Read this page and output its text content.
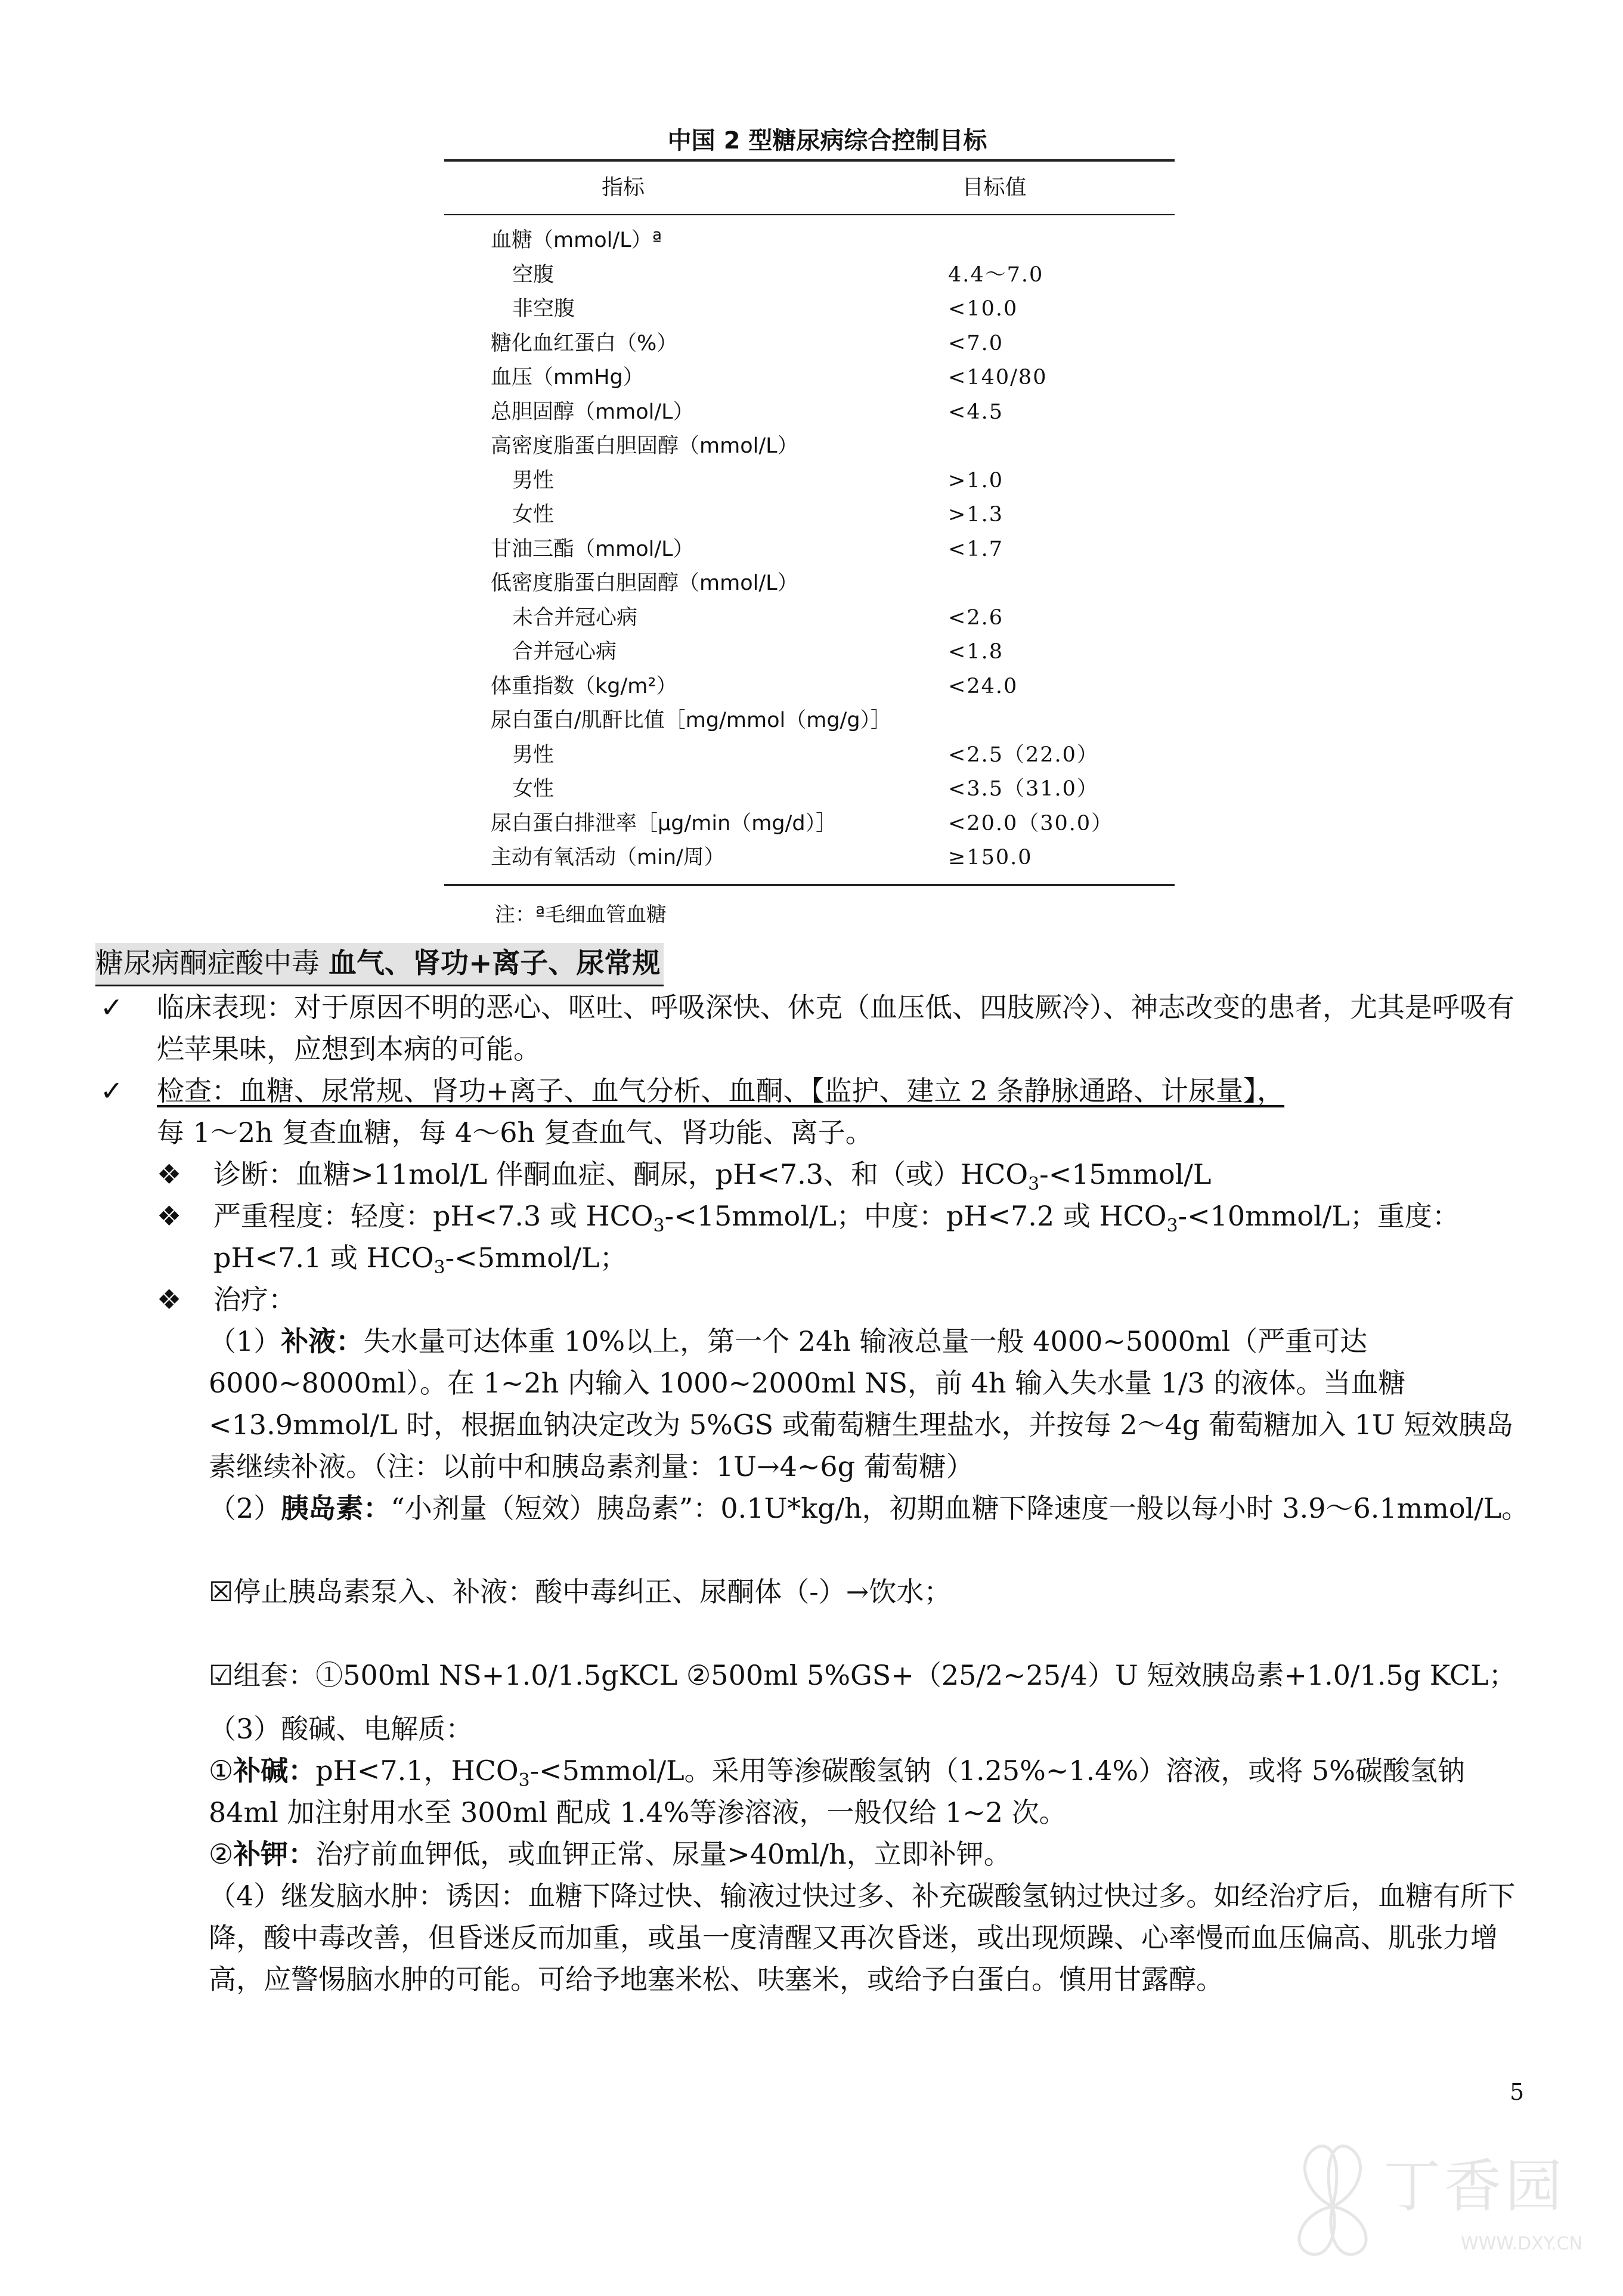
中国 2 型糖尿病综合控制目标
指标	目标值
血糖（mmol/L）ª
空腹	4.4～7.0
非空腹	<10.0
糖化血红蛋白（%）	<7.0
血压（mmHg）	<140/80
总胆固醇（mmol/L）	<4.5
高密度脂蛋白胆固醇（mmol/L）
男性	>1.0
女性	>1.3
甘油三酯（mmol/L）	<1.7
低密度脂蛋白胆固醇（mmol/L）
未合并冠心病	<2.6
合并冠心病	<1.8
体重指数（kg/m²）	<24.0
尿白蛋白/肌酐比值［mg/mmol（mg/g）］
男性	<2.5（22.0）
女性	<3.5（31.0）
尿白蛋白排泄率［μg/min（mg/d）］	<20.0（30.0）
主动有氧活动（min/周）	≥150.0
注：ª毛细血管血糖
糖尿病酮症酸中毒 血气、肾功+离子、尿常规
✓	临床表现：对于原因不明的恶心、呕吐、呼吸深快、休克（血压低、四肢厥冷）、神志改变的患者，尤其是呼吸有烂苹果味，应想到本病的可能。
✓	检查：血糖、尿常规、肾功+离子、血气分析、血酮、【监护、建立 2 条静脉通路、计尿量】，
每 1～2h 复查血糖，每 4～6h 复查血气、肾功能、离子。
❖	诊断：血糖>11mol/L 伴酮血症、酮尿，pH<7.3、和（或）$HCO_3-<15mmol/L$
❖	严重程度：轻度：pH<7.3 或 $HCO_3-<15mmol/L$；中度：pH<7.2 或 $HCO_3-<10mmol/L$；重度：pH<7.1 或 $HCO_3-<5mmol/L$；
❖	治疗：
（1）补液：失水量可达体重 10%以上，第一个 24h 输液总量一般 4000~5000ml（严重可达 6000~8000ml）。在 1~2h 内输入 1000~2000ml NS，前 4h 输入失水量 1/3 的液体。当血糖<13.9mmol/L 时，根据血钠决定改为 5%GS 或葡萄糖生理盐水，并按每 2～4g 葡萄糖加入 1U 短效胰岛素继续补液。（注：以前中和胰岛素剂量：1U→4~6g 葡萄糖）
（2）胰岛素：“小剂量（短效）胰岛素”：0.1U*kg/h，初期血糖下降速度一般以每小时 3.9～6.1mmol/L。
☒停止胰岛素泵入、补液：酸中毒纠正、尿酮体（-）→饮水；
☑组套：①500ml NS+1.0/1.5gKCL ②500ml 5%GS+（25/2~25/4）U 短效胰岛素+1.0/1.5g KCL；
（3）酸碱、电解质：
①补碱：pH<7.1，$HCO_3-<5mmol/L$。采用等渗碳酸氢钠（1.25%~1.4%）溶液，或将 5%碳酸氢钠 84ml 加注射用水至 300ml 配成 1.4%等渗溶液，一般仅给 1~2 次。
②补钾：治疗前血钾低，或血钾正常、尿量>40ml/h，立即补钾。
（4）继发脑水肿：诱因：血糖下降过快、输液过快过多、补充碳酸氢钠过快过多。如经治疗后，血糖有所下降，酸中毒改善，但昏迷反而加重，或虽一度清醒又再次昏迷，或出现烦躁、心率慢而血压偏高、肌张力增高，应警惕脑水肿的可能。可给予地塞米松、呋塞米，或给予白蛋白。慎用甘露醇。
5
丁香园
WWW.DXY.CN
